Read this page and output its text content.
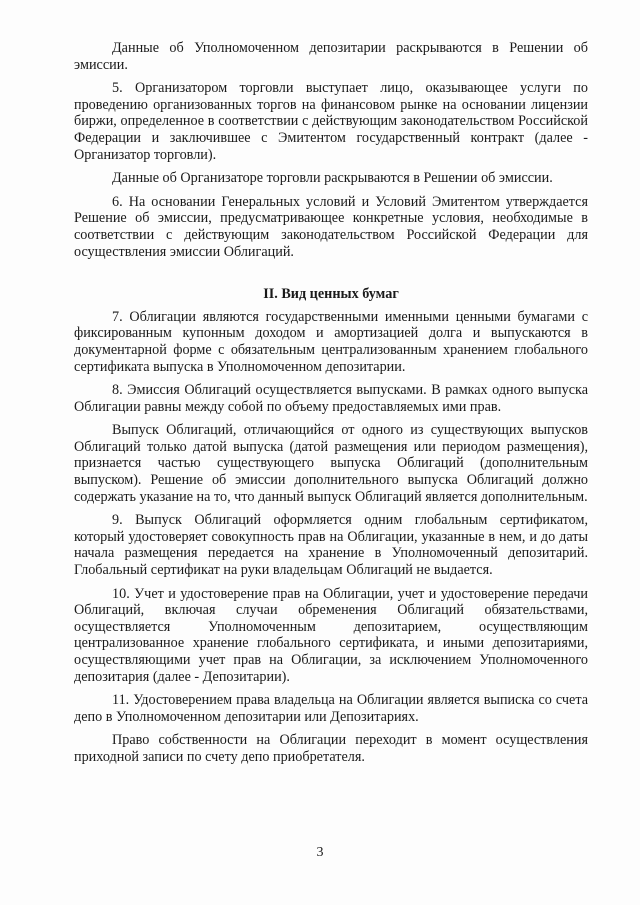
Данные об Уполномоченном депозитарии раскрываются в Решении об эмиссии.

5. Организатором торговли выступает лицо, оказывающее услуги по проведению организованных торгов на финансовом рынке на основании лицензии биржи, определенное в соответствии с действующим законодательством Российской Федерации и заключившее с Эмитентом государственный контракт (далее - Организатор торговли).

Данные об Организаторе торговли раскрываются в Решении об эмиссии.

6. На основании Генеральных условий и Условий Эмитентом утверждается Решение об эмиссии, предусматривающее конкретные условия, необходимые в соответствии с действующим законодательством Российской Федерации для осуществления эмиссии Облигаций.

II. Вид ценных бумаг

7. Облигации являются государственными именными ценными бумагами с фиксированным купонным доходом и амортизацией долга и выпускаются в документарной форме с обязательным централизованным хранением глобального сертификата выпуска в Уполномоченном депозитарии.

8. Эмиссия Облигаций осуществляется выпусками. В рамках одного выпуска Облигации равны между собой по объему предоставляемых ими прав.

Выпуск Облигаций, отличающийся от одного из существующих выпусков Облигаций только датой выпуска (датой размещения или периодом размещения), признается частью существующего выпуска Облигаций (дополнительным выпуском). Решение об эмиссии дополнительного выпуска Облигаций должно содержать указание на то, что данный выпуск Облигаций является дополнительным.

9. Выпуск Облигаций оформляется одним глобальным сертификатом, который удостоверяет совокупность прав на Облигации, указанные в нем, и до даты начала размещения передается на хранение в Уполномоченный депозитарий. Глобальный сертификат на руки владельцам Облигаций не выдается.

10. Учет и удостоверение прав на Облигации, учет и удостоверение передачи Облигаций, включая случаи обременения Облигаций обязательствами, осуществляется Уполномоченным депозитарием, осуществляющим централизованное хранение глобального сертификата, и иными депозитариями, осуществляющими учет прав на Облигации, за исключением Уполномоченного депозитария (далее - Депозитарии).

11. Удостоверением права владельца на Облигации является выписка со счета депо в Уполномоченном депозитарии или Депозитариях.

Право собственности на Облигации переходит в момент осуществления приходной записи по счету депо приобретателя.

3
